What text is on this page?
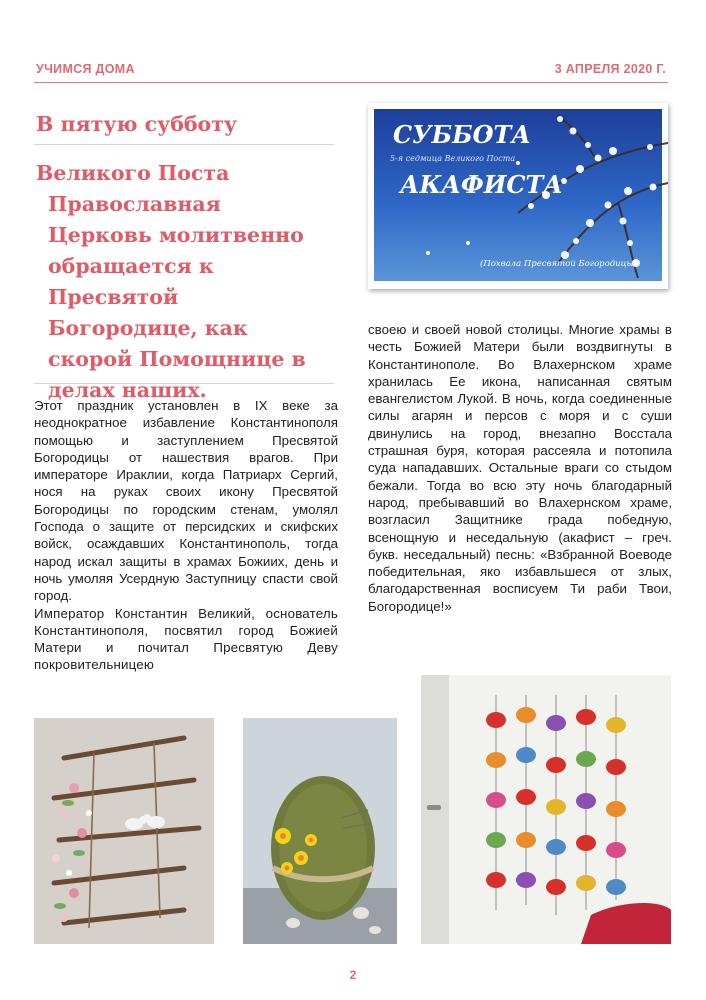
УЧИМСЯ ДОМА	3 АПРЕЛЯ 2020 Г.
В пятую субботу
Великого Поста
Православная
Церковь молитвенно
обращается к
Пресвятой
Богородице, как
скорой Помощнице в
делах наших.

Этот праздник установлен в IX веке за неоднократное избавление Константинополя помощью и заступлением Пресвятой Богородицы от нашествия врагов. При императоре Ираклии, когда Патриарх Сергий, нося на руках своих икону Пресвятой Богородицы по городским стенам, умолял Господа о защите от персидских и скифских войск, осаждавших Константинополь, тогда народ искал защиты в храмах Божиих, день и ночь умоляя Усердную Заступницу спасти свой город.

Император Константин Великий, основатель Константинополя, посвятил город Божией Матери и почитал Пресвятую Деву покровительницею

своею и своей новой столицы. Многие храмы в честь Божией Матери были воздвигнуты в Константинополе. Во Влахернском храме хранилась Ее икона, написанная святым евангелистом Лукой. В ночь, когда соединенные силы агарян и персов с моря и с суши двинулись на город, внезапно Восстала страшная буря, которая рассеяла и потопила суда нападавших. Остальные враги со стыдом бежали. Тогда во всю эту ночь благодарный народ, пребывавший во Влахернском храме, возгласил Защитнике града победную, всенощную и неседальную (акафист – греч. букв. неседальный) песнь: «Взбранной Воеводе победительная, яко избавльшеся от злых, благодарственная восписуем Ти раби Твои, Богородице!»

СУББОТА
5-я седмица Великого Поста
АКАФИСТА
(Похвала Пресвятой Богородицы)
2
